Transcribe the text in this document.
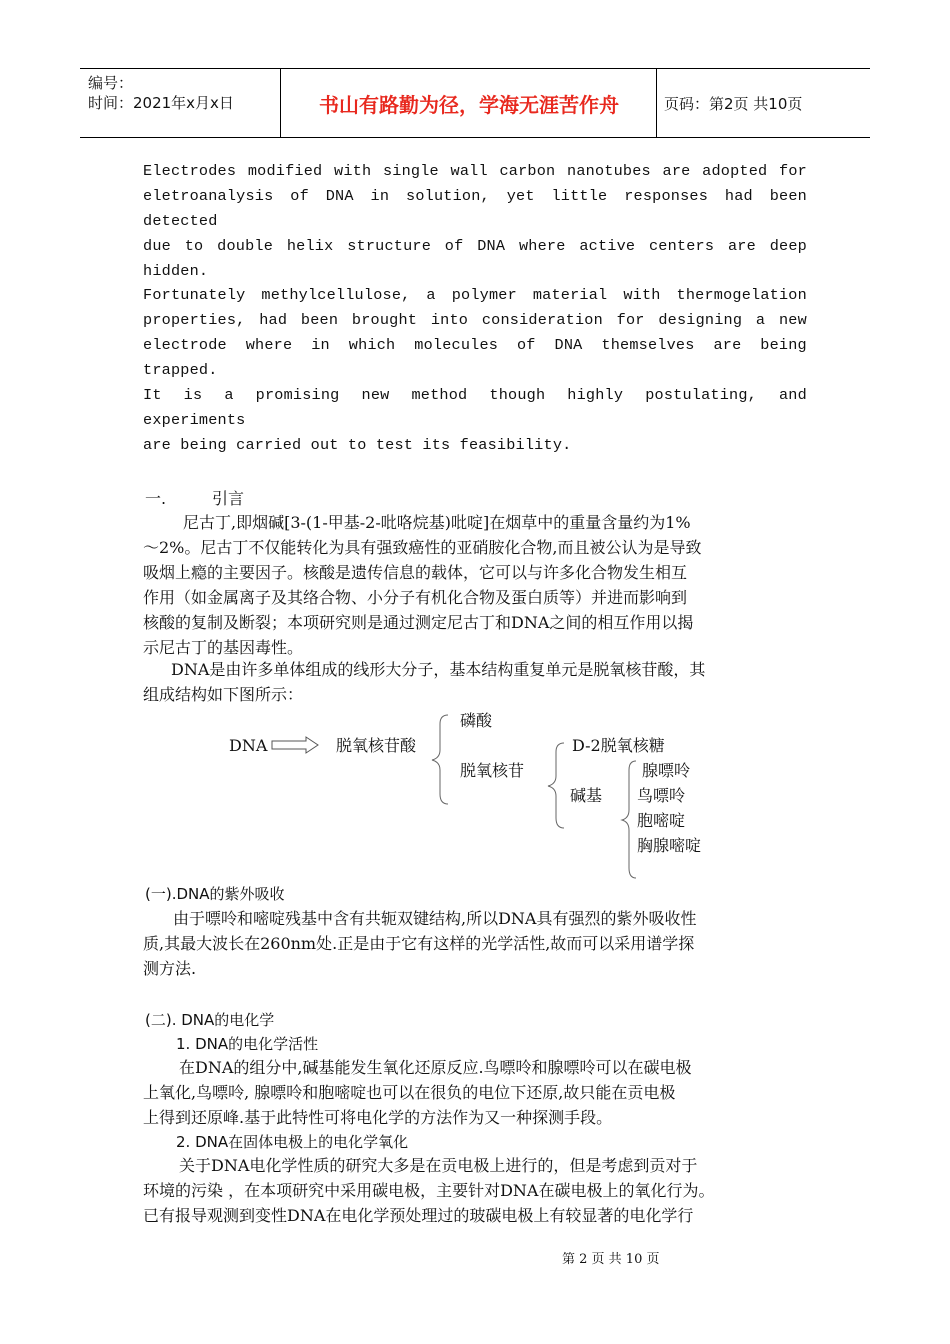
编号：
时间：2021年x月x日	书山有路勤为径，学海无涯苦作舟	页码：第2页 共10页
Electrodes modified with single wall carbon nanotubes are adopted for
eletroanalysis of DNA in solution, yet little responses had been
detected
due to double helix structure of DNA where active centers are deep
hidden.
Fortunately methylcellulose, a polymer material with thermogelation
properties, had been brought into consideration for designing a new
electrode where in which molecules of DNA themselves are being
trapped.
It is a promising new method though highly postulating, and
experiments
are being carried out to test its feasibility.
一.	引言
尼古丁,即烟碱[3-(1-甲基-2-吡咯烷基)吡啶]在烟草中的重量含量约为1%
～2%。尼古丁不仅能转化为具有强致癌性的亚硝胺化合物,而且被公认为是导致
吸烟上瘾的主要因子。核酸是遗传信息的载体，它可以与许多化合物发生相互
作用（如金属离子及其络合物、小分子有机化合物及蛋白质等）并进而影响到
核酸的复制及断裂；本项研究则是通过测定尼古丁和DNA之间的相互作用以揭
示尼古丁的基因毒性。
DNA是由许多单体组成的线形大分子，基本结构重复单元是脱氧核苷酸，其
组成结构如下图所示：
DNA	脱氧核苷酸
磷酸
脱氧核苷
D-2脱氧核糖
碱基
腺嘌呤
鸟嘌呤
胞嘧啶
胸腺嘧啶
(一).DNA的紫外吸收
由于嘌呤和嘧啶残基中含有共轭双键结构,所以DNA具有强烈的紫外吸收性
质,其最大波长在260nm处.正是由于它有这样的光学活性,故而可以采用谱学探
测方法.
(二). DNA的电化学
1. DNA的电化学活性
在DNA的组分中,碱基能发生氧化还原反应.鸟嘌呤和腺嘌呤可以在碳电极
上氧化,鸟嘌呤, 腺嘌呤和胞嘧啶也可以在很负的电位下还原,故只能在贡电极
上得到还原峰.基于此特性可将电化学的方法作为又一种探测手段。
2. DNA在固体电极上的电化学氧化
关于DNA电化学性质的研究大多是在贡电极上进行的，但是考虑到贡对于
环境的污染 ，在本项研究中采用碳电极，主要针对DNA在碳电极上的氧化行为。
已有报导观测到变性DNA在电化学预处理过的玻碳电极上有较显著的电化学行
第 2 页 共 10 页
